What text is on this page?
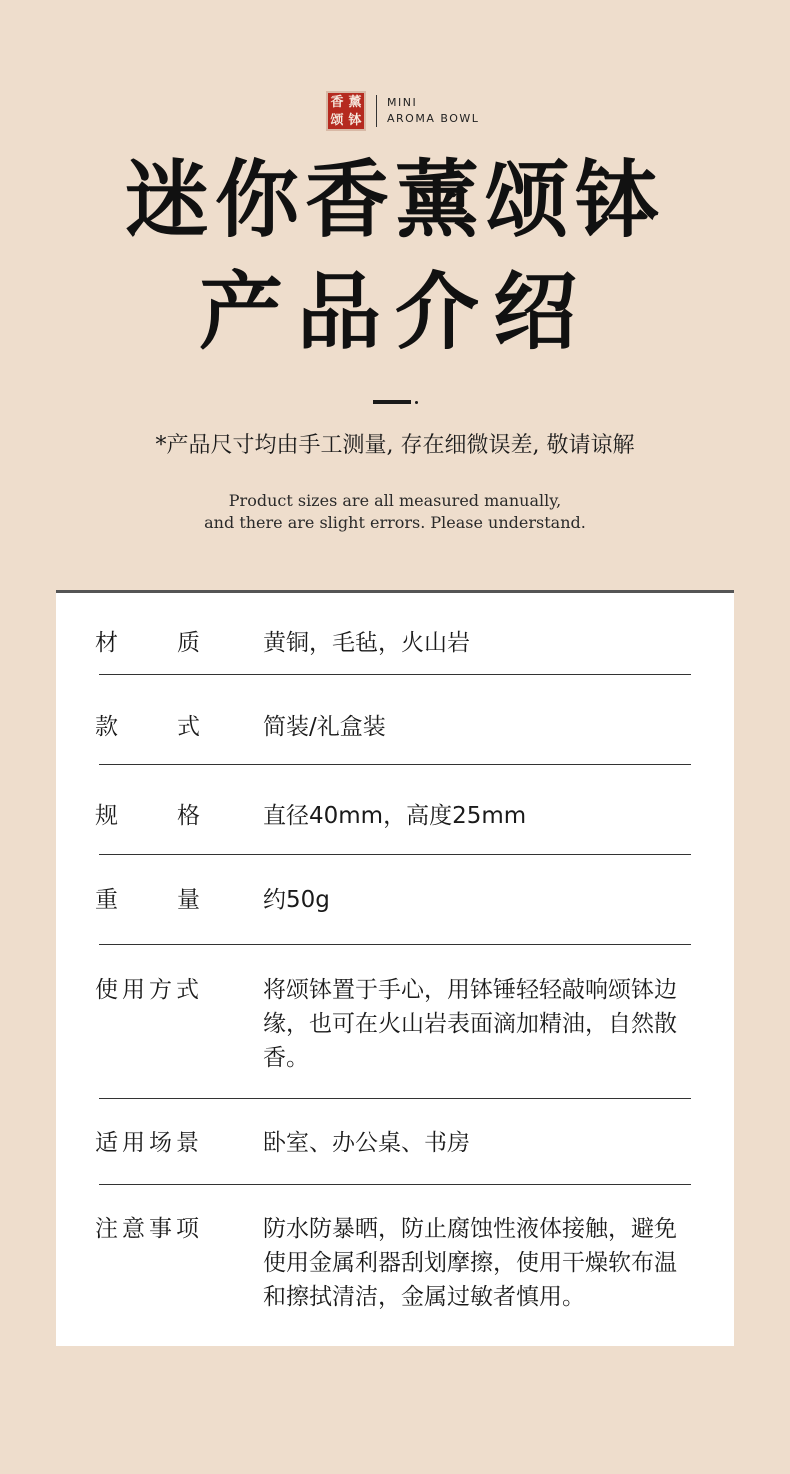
香 薰
颂 钵
MINI
AROMA BOWL
迷你香薰颂钵
产品介绍
*产品尺寸均由手工测量, 存在细微误差, 敬请谅解
Product sizes are all measured manually,
and there are slight errors. Please understand.
材质 黄铜，毛毡，火山岩
款式 简装/礼盒装
规格 直径40mm，高度25mm
重量 约50g
使用方式	将颂钵置于手心，用钵锤轻轻敲响颂钵边缘，也可在火山岩表面滴加精油，自然散香。
适用场景	卧室、办公桌、书房
注意事项	防水防暴晒，防止腐蚀性液体接触，避免使用金属利器刮划摩擦，使用干燥软布温和擦拭清洁，金属过敏者慎用。
